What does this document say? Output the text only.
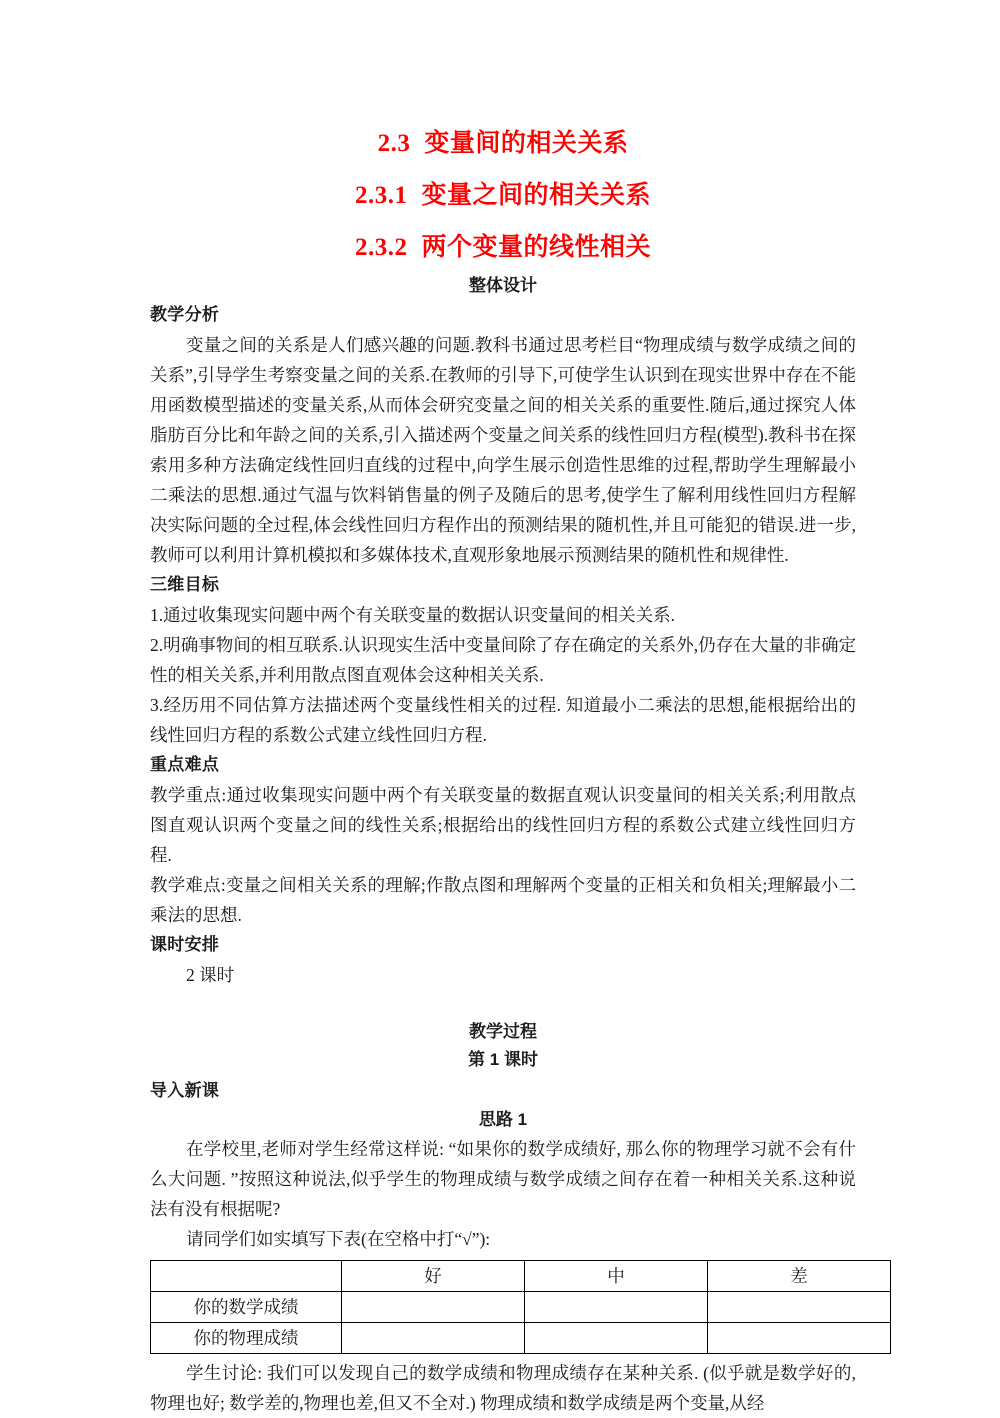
2.3 变量间的相关关系
2.3.1 变量之间的相关关系
2.3.2 两个变量的线性相关
整体设计
教学分析

变量之间的关系是人们感兴趣的问题.教科书通过思考栏目“物理成绩与数学成绩之间的关系”,引导学生考察变量之间的关系.在教师的引导下,可使学生认识到在现实世界中存在不能用函数模型描述的变量关系,从而体会研究变量之间的相关关系的重要性.随后,通过探究人体脂肪百分比和年龄之间的关系,引入描述两个变量之间关系的线性回归方程(模型).教科书在探索用多种方法确定线性回归直线的过程中,向学生展示创造性思维的过程,帮助学生理解最小二乘法的思想.通过气温与饮料销售量的例子及随后的思考,使学生了解利用线性回归方程解决实际问题的全过程,体会线性回归方程作出的预测结果的随机性,并且可能犯的错误.进一步,教师可以利用计算机模拟和多媒体技术,直观形象地展示预测结果的随机性和规律性.

三维目标

1.通过收集现实问题中两个有关联变量的数据认识变量间的相关关系.

2.明确事物间的相互联系.认识现实生活中变量间除了存在确定的关系外,仍存在大量的非确定性的相关关系,并利用散点图直观体会这种相关关系.

3.经历用不同估算方法描述两个变量线性相关的过程. 知道最小二乘法的思想,能根据给出的线性回归方程的系数公式建立线性回归方程.

重点难点

教学重点:通过收集现实问题中两个有关联变量的数据直观认识变量间的相关关系;利用散点图直观认识两个变量之间的线性关系;根据给出的线性回归方程的系数公式建立线性回归方程.

教学难点:变量之间相关关系的理解;作散点图和理解两个变量的正相关和负相关;理解最小二乘法的思想.

课时安排

2 课时

教学过程
第 1 课时
导入新课
思路 1

在学校里,老师对学生经常这样说: “如果你的数学成绩好, 那么你的物理学习就不会有什么大问题. ”按照这种说法,似乎学生的物理成绩与数学成绩之间存在着一种相关关系.这种说法有没有根据呢?

请同学们如实填写下表(在空格中打“√”):

	好	中	差
你的数学成绩			
你的物理成绩			

学生讨论: 我们可以发现自己的数学成绩和物理成绩存在某种关系. (似乎就是数学好的,物理也好; 数学差的,物理也差,但又不全对.) 物理成绩和数学成绩是两个变量,从经
